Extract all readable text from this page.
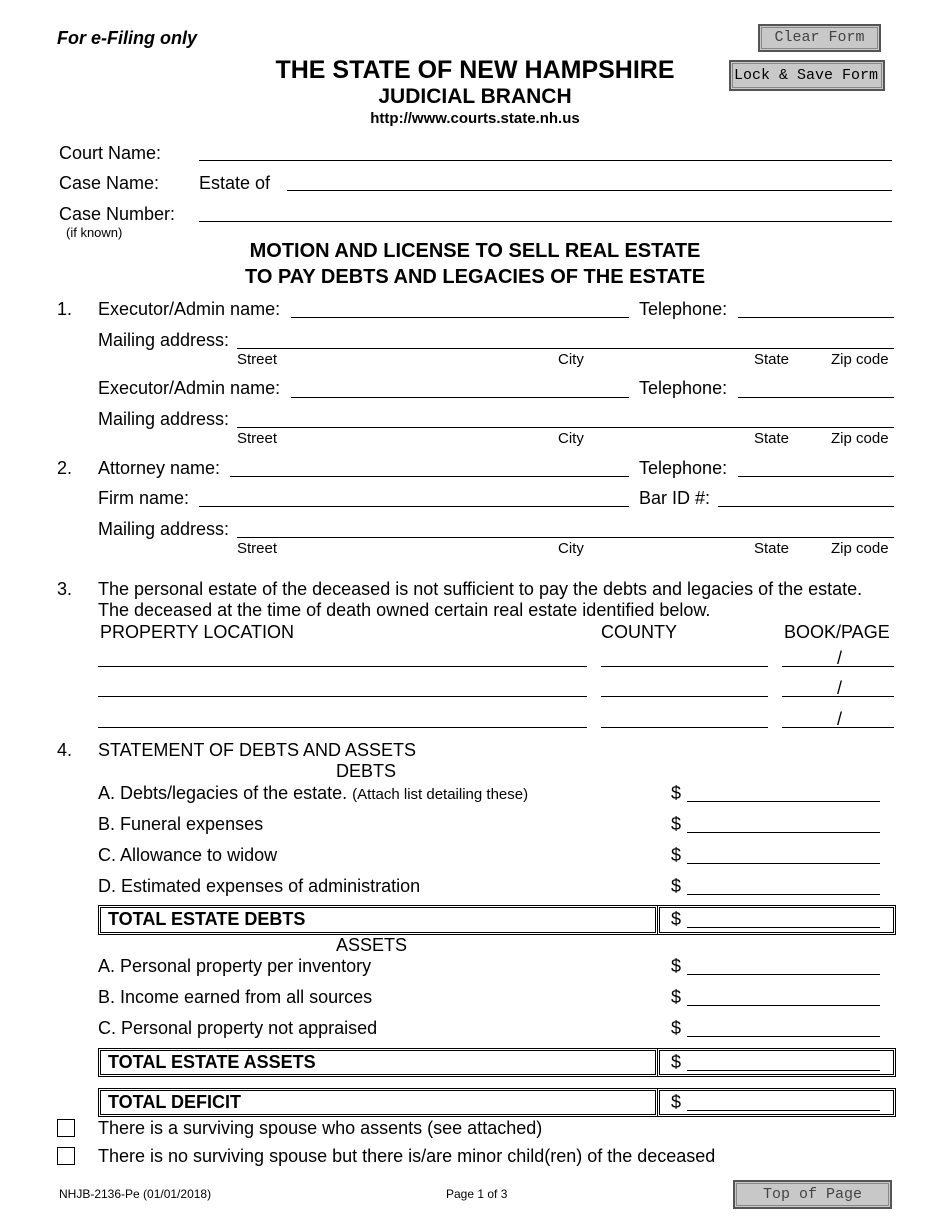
For e-Filing only	Clear Form
Lock & Save Form
THE STATE OF NEW HAMPSHIRE
JUDICIAL BRANCH
http://www.courts.state.nh.us
Court Name:
Case Name: Estate of
Case Number:
(if known)
MOTION AND LICENSE TO SELL REAL ESTATE
TO PAY DEBTS AND LEGACIES OF THE ESTATE
1. Executor/Admin name:	Telephone:
Mailing address:
Street	City	State	Zip code
Executor/Admin name:	Telephone:
Mailing address:
Street	City	State	Zip code
2. Attorney name:	Telephone:
Firm name:	Bar ID #:
Mailing address:
Street	City	State	Zip code
3. The personal estate of the deceased is not sufficient to pay the debts and legacies of the estate.
The deceased at the time of death owned certain real estate identified below.
PROPERTY LOCATION	COUNTY	BOOK/PAGE
/
/
/
4. STATEMENT OF DEBTS AND ASSETS
DEBTS
A. Debts/legacies of the estate. (Attach list detailing these)	$
B. Funeral expenses	$
C. Allowance to widow	$
D. Estimated expenses of administration	$
TOTAL ESTATE DEBTS	$
ASSETS
A. Personal property per inventory	$
B. Income earned from all sources	$
C. Personal property not appraised	$
TOTAL ESTATE ASSETS	$
TOTAL DEFICIT	$
There is a surviving spouse who assents (see attached)
There is no surviving spouse but there is/are minor child(ren) of the deceased
NHJB-2136-Pe (01/01/2018)	Page 1 of 3	Top of Page
